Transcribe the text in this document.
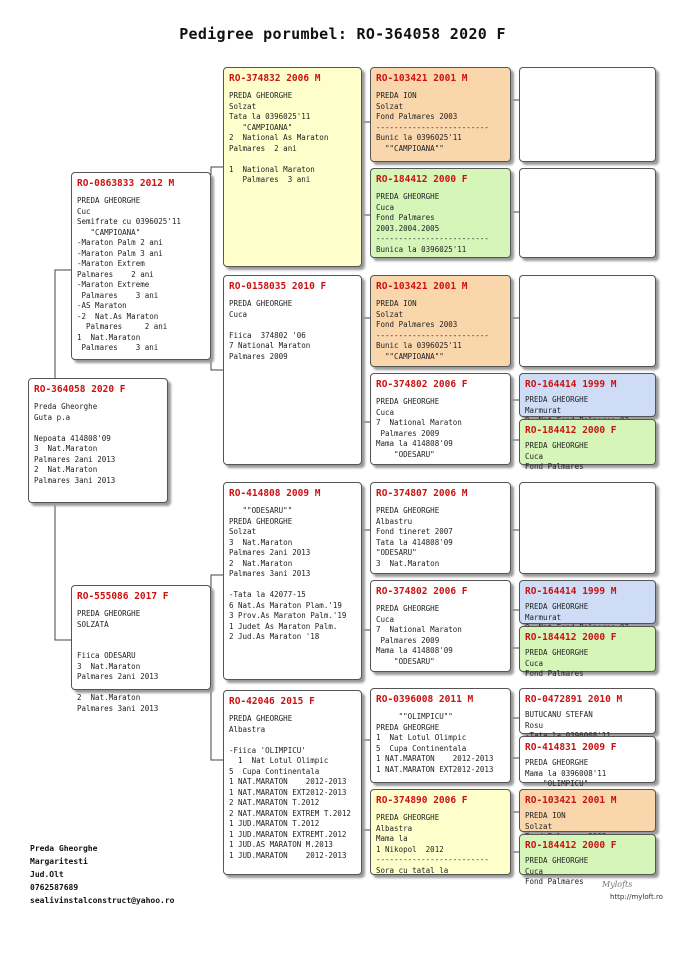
Pedigree porumbel: RO-364058 2020 F
RO-364058 2020 F
Preda Gheorghe
Guta p.a

Nepoata 414808'09
3  Nat.Maraton
Palmares 2ani 2013
2  Nat.Maraton
Palmares 3ani 2013
RO-0863833 2012 M
PREDA GHEORGHE
Cuc
Semifrate cu 0396025'11
"CAMPIOANA"
-Maraton Palm 2 ani
-Maraton Palm 3 ani
-Maraton Extrem
Palmares    2 ani
-Maraton Extreme
Palmares    3 ani
-AS Maraton
-2  Nat.As Maraton
Palmares     2 ani
1  Nat.Maraton
Palmares    3 ani
RO-555086 2017 F
PREDA GHEORGHE
SOLZATA

Fiica ODESARU
3  Nat.Maraton
Palmares 2ani 2013

2  Nat.Maraton
Palmares 3ani 2013
RO-374832 2006 M
PREDA GHEORGHE
Solzat
Tata la 0396025'11
"CAMPIOANA"
2  National As Maraton
Palmares  2 ani

1  National Maraton
Palmares  3 ani
RO-0158035 2010 F
PREDA GHEORGHE
Cuca

Fiica  374802 '06
7 National Maraton
Palmares 2009
RO-414808 2009 M
""ODESARU""
PREDA GHEORGHE
Solzat
3  Nat.Maraton
Palmares 2ani 2013
2  Nat.Maraton
Palmares 3ani 2013

-Tata la 42077-15
6 Nat.As Maraton Plam.'19
3 Prov.As Maraton Palm.'19
1 Judet As Maraton Palm.
2 Jud.As Maraton '18
RO-42046 2015 F
PREDA GHEORGHE
Albastra

-Fiica 'OLIMPICU'
1  Nat Lotul Olimpic
5  Cupa Continentala
1 NAT.MARATON    2012-2013
1 NAT.MARATON EXT2012-2013
2 NAT.MARATON T.2012
2 NAT.MARATON EXTREM T.2012
1 JUD.MARATON T.2012
1 JUD.MARATON EXTREMT.2012
1 JUD.AS MARATON M.2013
1 JUD.MARATON    2012-2013
RO-103421 2001 M
PREDA ION
Solzat
Fond Palmares 2003
-------------------------
Bunic la 0396025'11
""CAMPIOANA""
RO-184412 2000 F
PREDA GHEORGHE
Cuca
Fond Palmares
2003.2004.2005
-------------------------
Bunica la 0396025'11
RO-103421 2001 M
PREDA ION
Solzat
Fond Palmares 2003
-------------------------
Bunic la 0396025'11
""CAMPIOANA""
RO-374802 2006 F
PREDA GHEORGHE
Cuca
7  National Maraton
Palmares 2009
Mama la 414808'09
"ODESARU"
RO-374807 2006 M
PREDA GHEORGHE
Albastru
Fond tineret 2007
Tata la 414808'09
"ODESARU"
3  Nat.Maraton
RO-374802 2006 F
PREDA GHEORGHE
Cuca
7  National Maraton
Palmares 2009
Mama la 414808'09
"ODESARU"
RO-0396008 2011 M
""OLIMPICU""
PREDA GHEORGHE
1  Nat Lotul Olimpic
5  Cupa Continentala
1 NAT.MARATON    2012-2013
1 NAT.MARATON EXT2012-2013
RO-374890 2006 F
PREDA GHEORGHE
Albastra
Mama la
1 Nikopol  2012
-------------------------
Sora cu tatal la
RO-164414 1999 M
PREDA GHEORGHE
Marmurat

RO-184412 2000 F
PREDA GHEORGHE
Cuca
Fond Palmares
RO-164414 1999 M
PREDA GHEORGHE
Marmurat

RO-184412 2000 F
PREDA GHEORGHE
Cuca
Fond Palmares
RO-0472891 2010 M
BUTUCANU STEFAN
Rosu

RO-414831 2009 F
PREDA GHEORGHE
Mama la 0396008'11
"OLIMPICU"
RO-103421 2001 M
PREDA ION
Solzat

RO-184412 2000 F
PREDA GHEORGHE
Cuca
Fond Palmares
Preda Gheorghe
Margaritesti
Jud.Olt
0762587689
sealivinstalconstruct@yahoo.ro
Mylofts
http://myloft.ro
